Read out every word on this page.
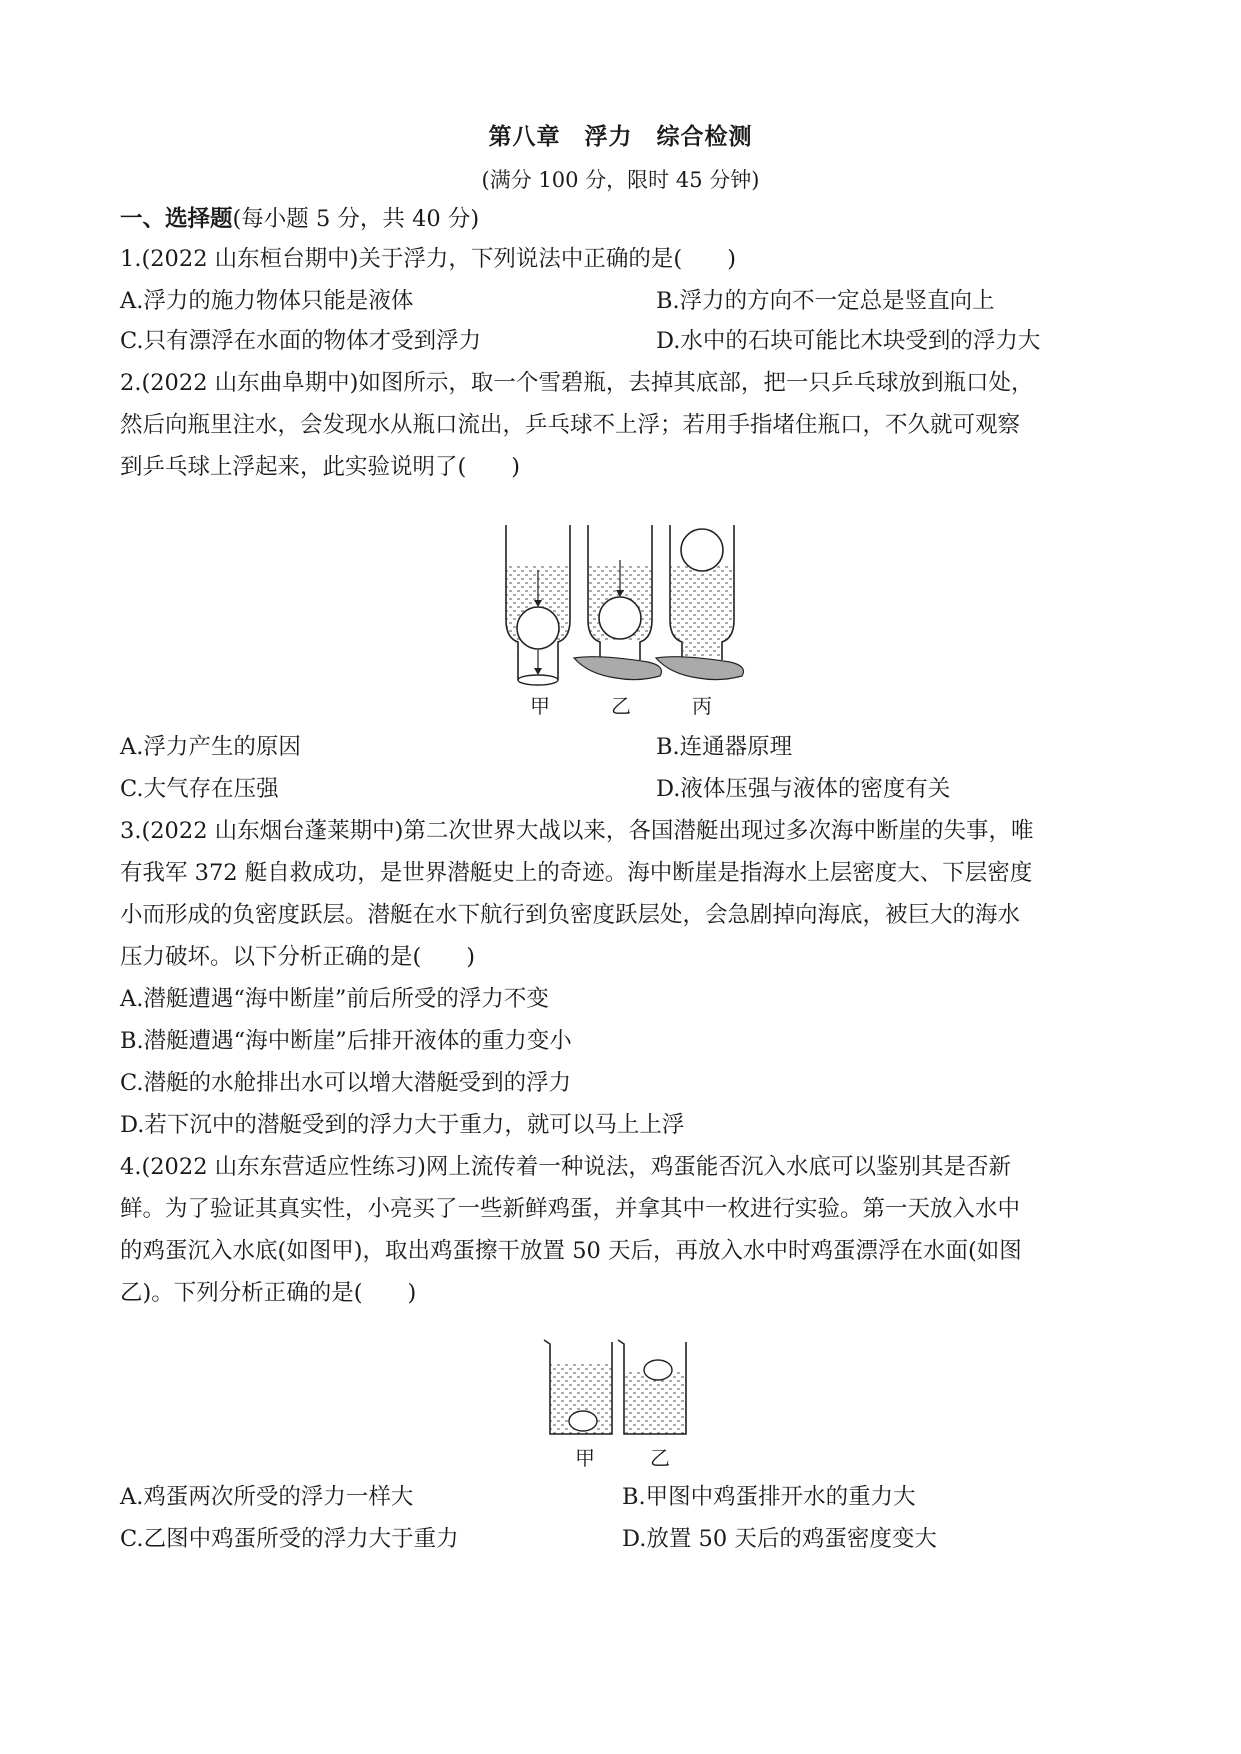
第八章　浮力　综合检测
(满分 100 分，限时 45 分钟)
一、选择题(每小题 5 分，共 40 分)
1.(2022 山东桓台期中)关于浮力，下列说法中正确的是(　　)
A.浮力的施力物体只能是液体	B.浮力的方向不一定总是竖直向上
C.只有漂浮在水面的物体才受到浮力	D.水中的石块可能比木块受到的浮力大
2.(2022 山东曲阜期中)如图所示，取一个雪碧瓶，去掉其底部，把一只乒乓球放到瓶口处，
然后向瓶里注水，会发现水从瓶口流出，乒乓球不上浮；若用手指堵住瓶口，不久就可观察
到乒乓球上浮起来，此实验说明了(　　)
甲	乙	丙
A.浮力产生的原因	B.连通器原理
C.大气存在压强	D.液体压强与液体的密度有关
3.(2022 山东烟台蓬莱期中)第二次世界大战以来，各国潜艇出现过多次海中断崖的失事，唯
有我军 372 艇自救成功，是世界潜艇史上的奇迹。海中断崖是指海水上层密度大、下层密度
小而形成的负密度跃层。潜艇在水下航行到负密度跃层处，会急剧掉向海底，被巨大的海水
压力破坏。以下分析正确的是(　　)
A.潜艇遭遇“海中断崖”前后所受的浮力不变
B.潜艇遭遇“海中断崖”后排开液体的重力变小
C.潜艇的水舱排出水可以增大潜艇受到的浮力
D.若下沉中的潜艇受到的浮力大于重力，就可以马上上浮
4.(2022 山东东营适应性练习)网上流传着一种说法，鸡蛋能否沉入水底可以鉴别其是否新
鲜。为了验证其真实性，小亮买了一些新鲜鸡蛋，并拿其中一枚进行实验。第一天放入水中
的鸡蛋沉入水底(如图甲)，取出鸡蛋擦干放置 50 天后，再放入水中时鸡蛋漂浮在水面(如图
乙)。下列分析正确的是(　　)
甲	乙
A.鸡蛋两次所受的浮力一样大	B.甲图中鸡蛋排开水的重力大
C.乙图中鸡蛋所受的浮力大于重力	D.放置 50 天后的鸡蛋密度变大
